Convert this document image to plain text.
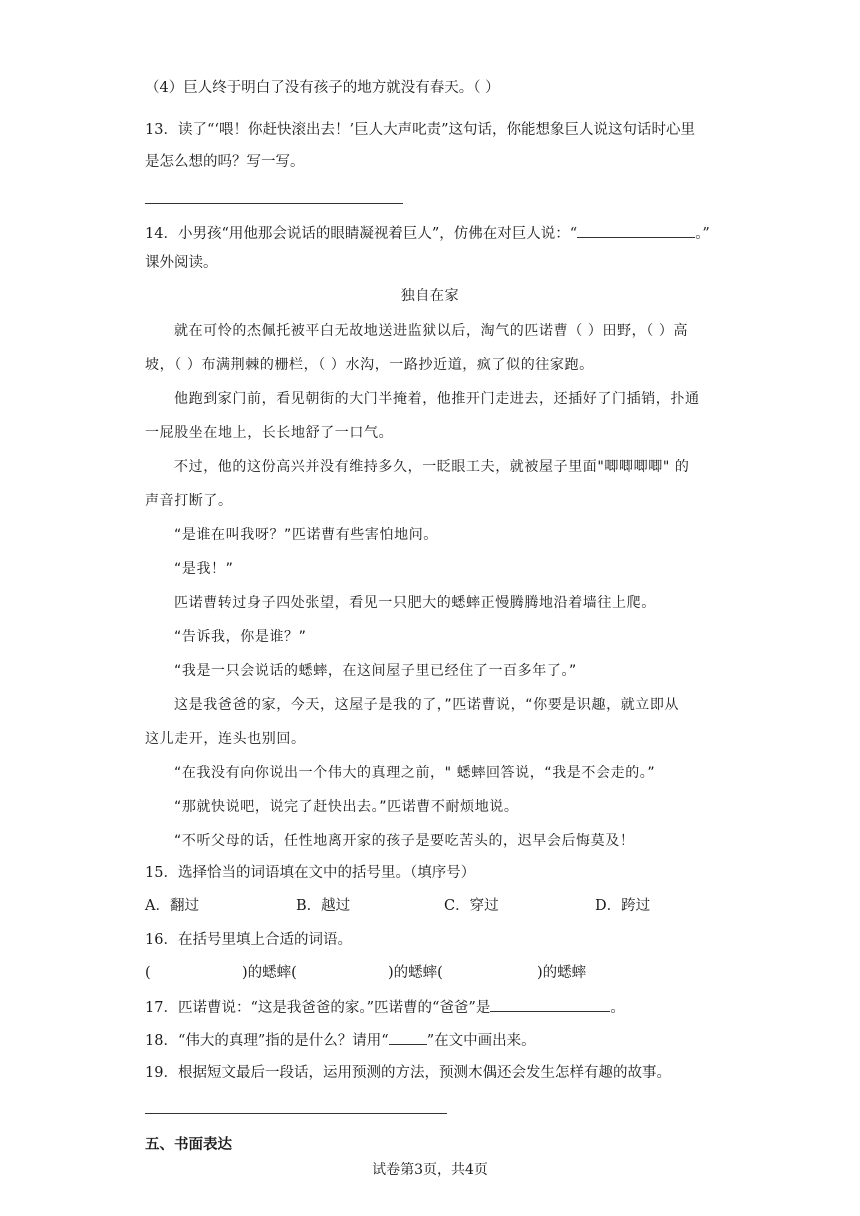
（4）巨人终于明白了没有孩子的地方就没有春天。（ ）
13．读了“‘喂！你赶快滚出去！’巨人大声叱责”这句话，你能想象巨人说这句话时心里
是怎么想的吗？写一写。
14．小男孩“用他那会说话的眼睛凝视着巨人”，仿佛在对巨人说：“	。”
课外阅读。
独自在家
就在可怜的杰佩托被平白无故地送进监狱以后，淘气的匹诺曹（ ）田野，（ ）高
坡，（ ）布满荆棘的栅栏，（ ）水沟，一路抄近道，疯了似的往家跑。
他跑到家门前，看见朝街的大门半掩着，他推开门走进去，还插好了门插销，扑通
一屁股坐在地上，长长地舒了一口气。
不过，他的这份高兴并没有维持多久，一眨眼工夫，就被屋子里面"唧唧唧唧" 的
声音打断了。
“是谁在叫我呀？”匹诺曹有些害怕地问。
“是我！”
匹诺曹转过身子四处张望，看见一只肥大的蟋蟀正慢腾腾地沿着墙往上爬。
“告诉我，你是谁？”
“我是一只会说话的蟋蟀，在这间屋子里已经住了一百多年了。”
这是我爸爸的家，今天，这屋子是我的了，”匹诺曹说，“你要是识趣，就立即从
这儿走开，连头也别回。
“在我没有向你说出一个伟大的真理之前，" 蟋蟀回答说，“我是不会走的。”
“那就快说吧，说完了赶快出去。”匹诺曹不耐烦地说。
“不听父母的话，任性地离开家的孩子是要吃苦头的，迟早会后悔莫及！
15．选择恰当的词语填在文中的括号里。（填序号）
A．翻过	B．越过	C．穿过	D．跨过
16．在括号里填上合适的词语。
(	)的蟋蟀(	)的蟋蟀(	)的蟋蟀
17．匹诺曹说：“这是我爸爸的家。”匹诺曹的“爸爸”是	。
18．“伟大的真理”指的是什么？请用“	”在文中画出来。
19．根据短文最后一段话，运用预测的方法，预测木偶还会发生怎样有趣的故事。
五、书面表达
试卷第3页，共4页
